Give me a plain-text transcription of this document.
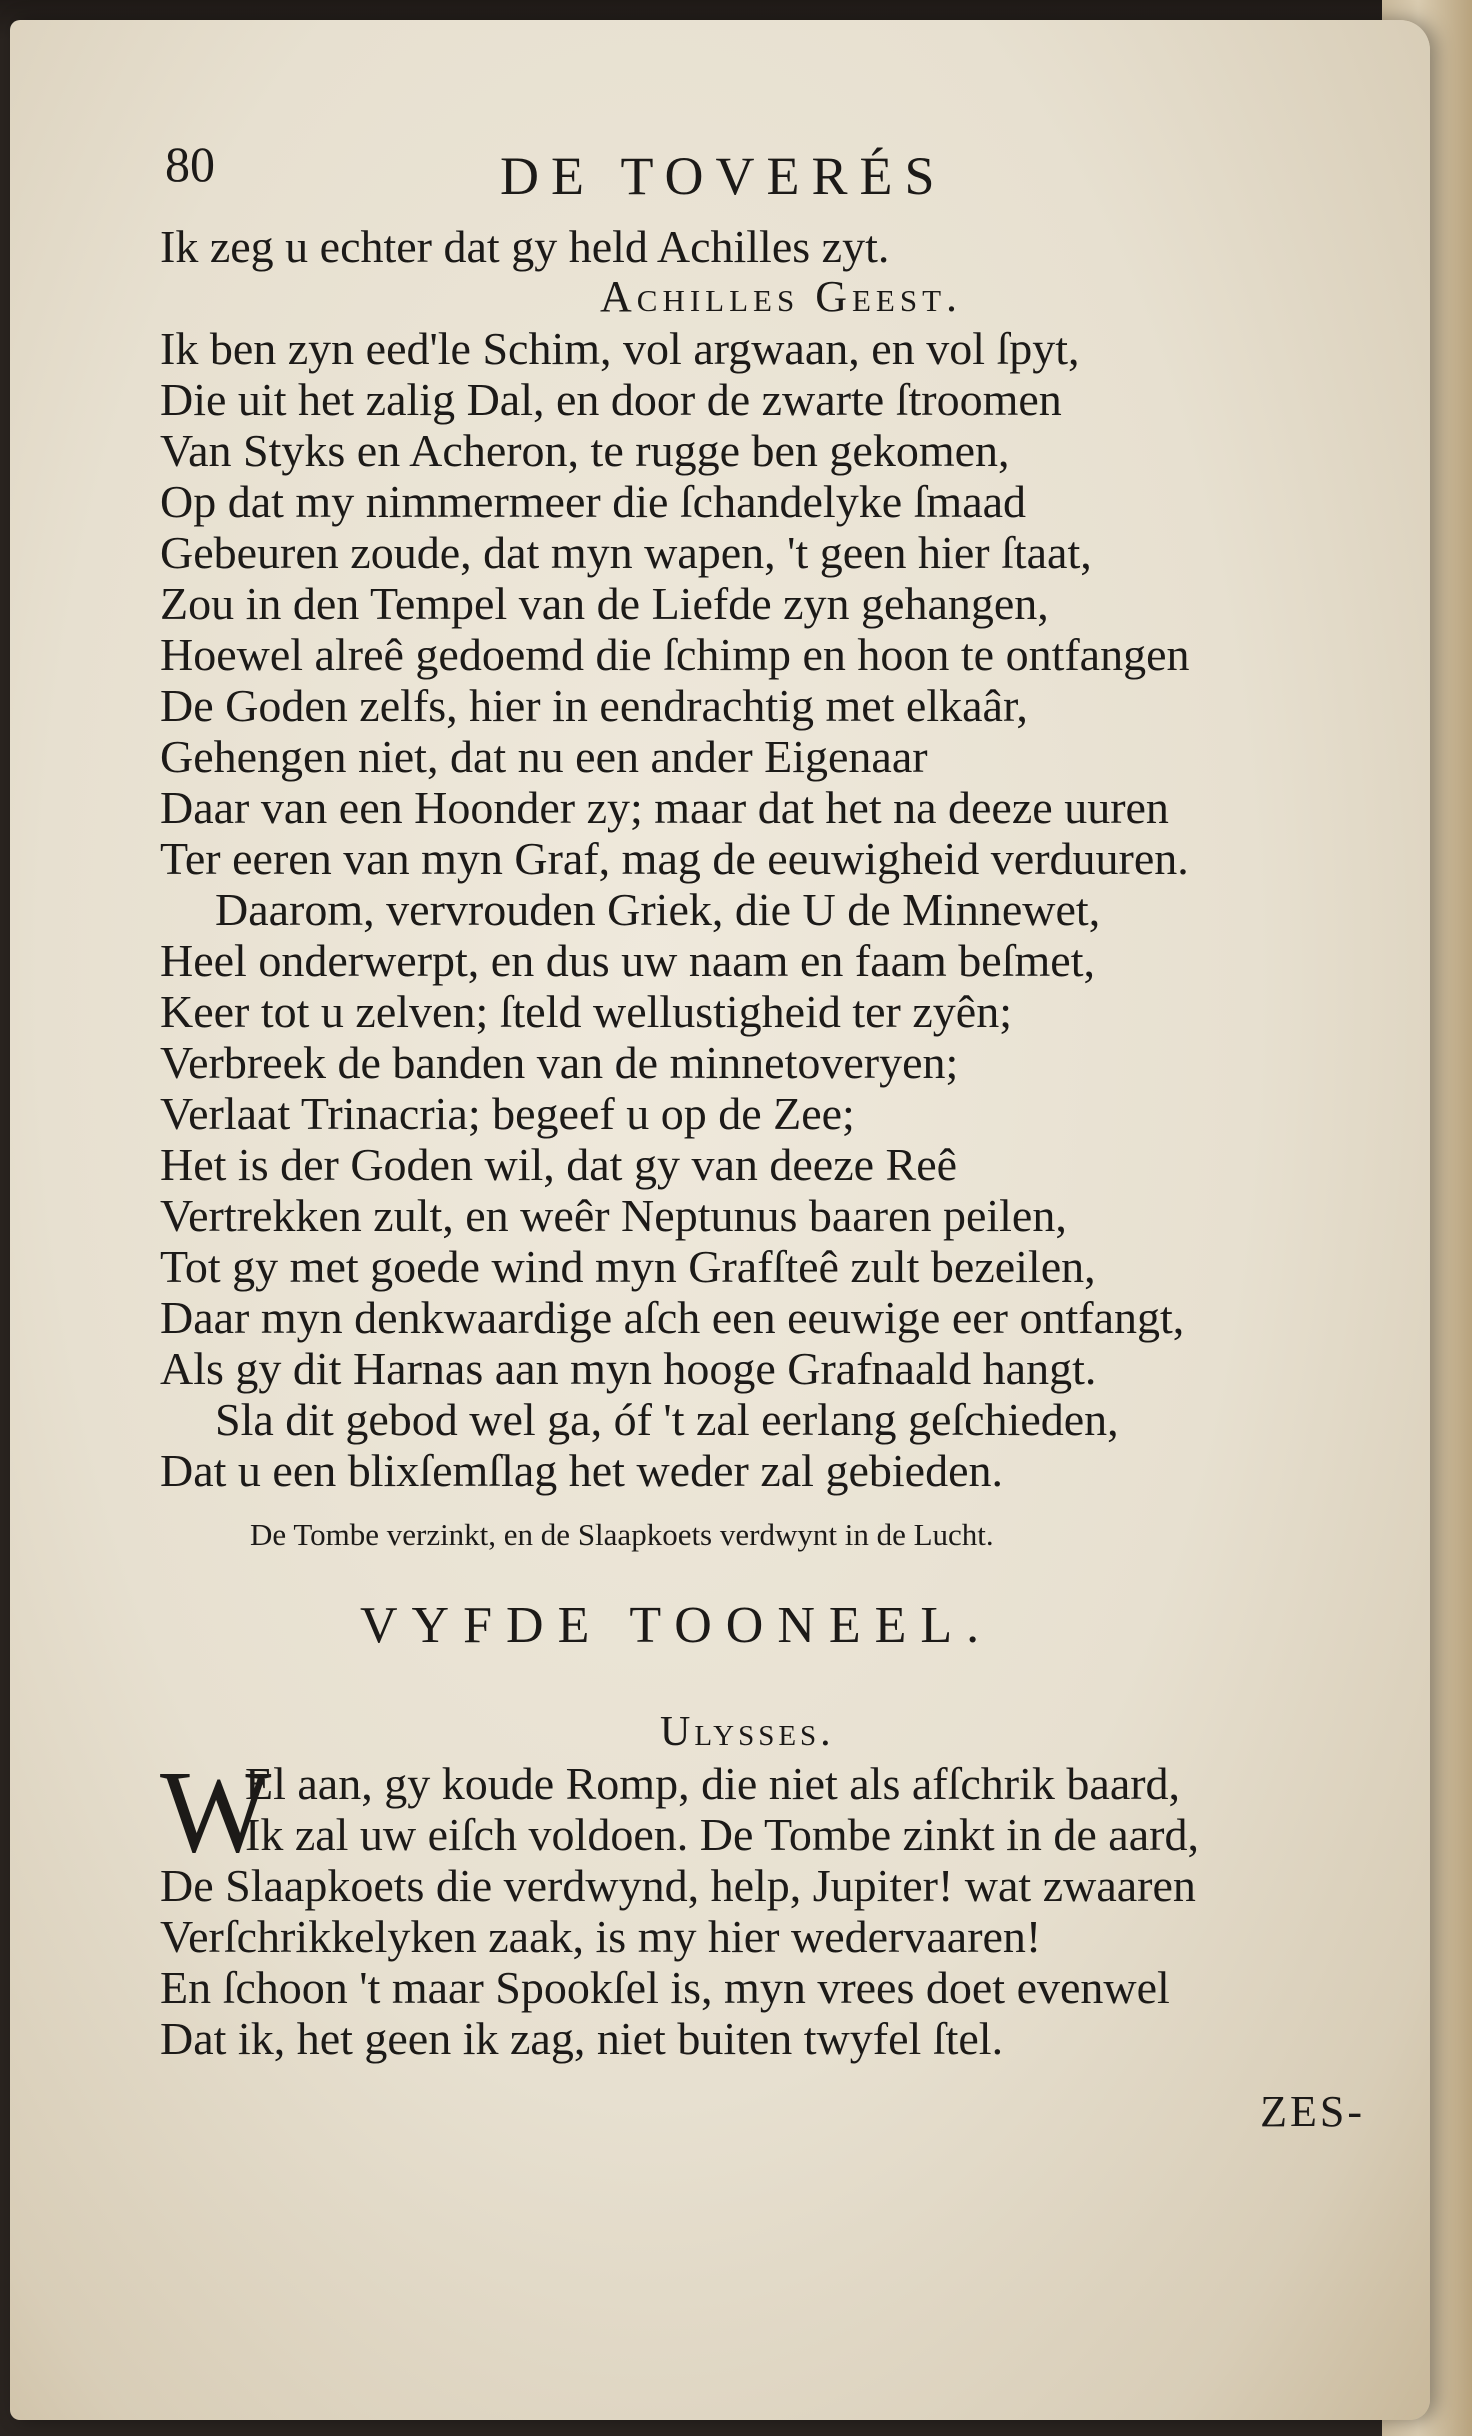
80	DE TOVERÉS
Ik zeg u echter dat gy held Achilles zyt.
Achilles Geest.
Ik ben zyn eed'le Schim, vol argwaan, en vol ſpyt,
Die uit het zalig Dal, en door de zwarte ſtroomen
Van Styks en Acheron, te rugge ben gekomen,
Op dat my nimmermeer die ſchandelyke ſmaad
Gebeuren zoude, dat myn wapen, 't geen hier ſtaat,
Zou in den Tempel van de Liefde zyn gehangen,
Hoewel alreê gedoemd die ſchimp en hoon te ontfangen
De Goden zelfs, hier in eendrachtig met elkaâr,
Gehengen niet, dat nu een ander Eigenaar
Daar van een Hoonder zy; maar dat het na deeze uuren
Ter eeren van myn Graf, mag de eeuwigheid verduuren.
Daarom, vervrouden Griek, die U de Minnewet,
Heel onderwerpt, en dus uw naam en faam beſmet,
Keer tot u zelven; ſteld wellustigheid ter zyên;
Verbreek de banden van de minnetoveryen;
Verlaat Trinacria; begeef u op de Zee;
Het is der Goden wil, dat gy van deeze Reê
Vertrekken zult, en weêr Neptunus baaren peilen,
Tot gy met goede wind myn Grafſteê zult bezeilen,
Daar myn denkwaardige aſch een eeuwige eer ontfangt,
Als gy dit Harnas aan myn hooge Grafnaald hangt.
Sla dit gebod wel ga, óf 't zal eerlang geſchieden,
Dat u een blixſemſlag het weder zal gebieden.
De Tombe verzinkt, en de Slaapkoets verdwynt in de Lucht.
VYFDE TOONEEL.
Ulysses.
W
El aan, gy koude Romp, die niet als afſchrik baard,
Ik zal uw eiſch voldoen. De Tombe zinkt in de aard,
De Slaapkoets die verdwynd, help, Jupiter! wat zwaaren
Verſchrikkelyken zaak, is my hier wedervaaren!
En ſchoon 't maar Spookſel is, myn vrees doet evenwel
Dat ik, het geen ik zag, niet buiten twyfel ſtel.
ZES-
